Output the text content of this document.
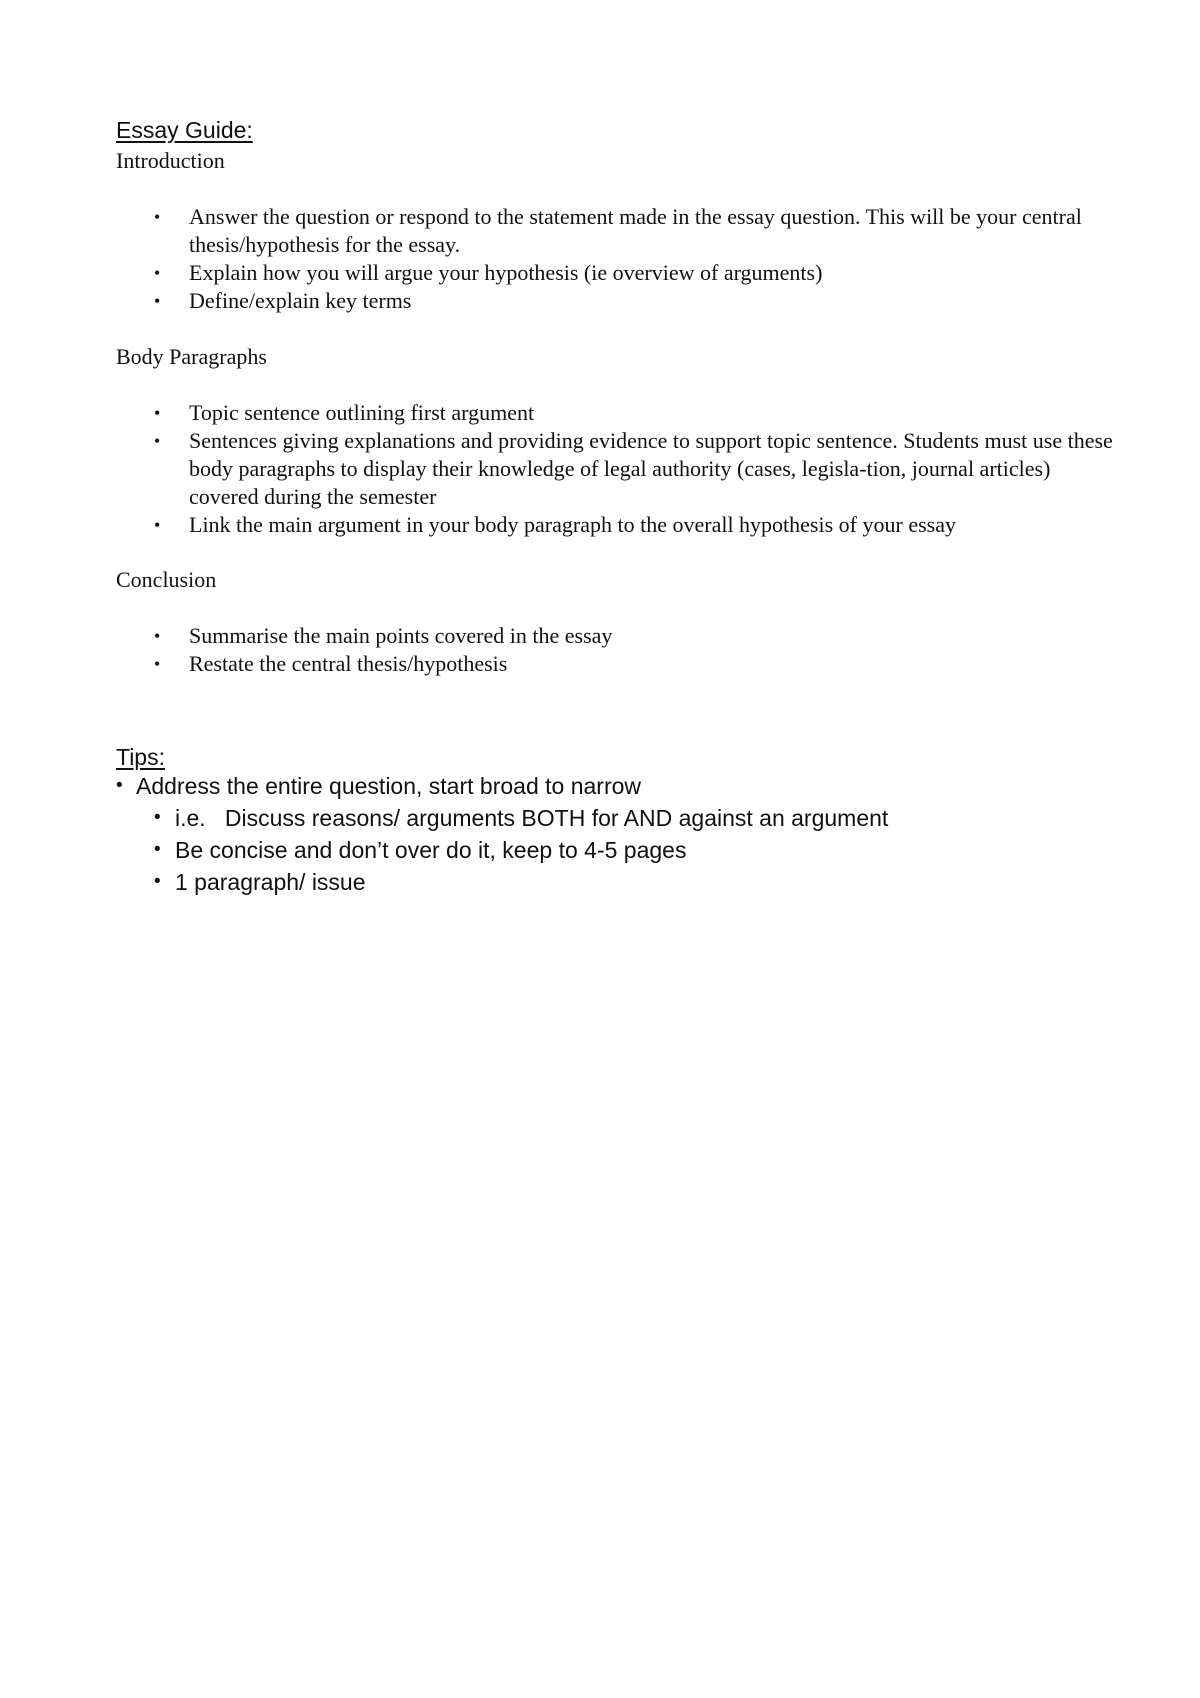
Essay Guide:
Introduction
• Answer the question or respond to the statement made in the essay question. This will be your central thesis/hypothesis for the essay.
• Explain how you will argue your hypothesis (ie overview of arguments)
• Define/explain key terms
Body Paragraphs
• Topic sentence outlining first argument
• Sentences giving explanations and providing evidence to support topic sentence. Students must use these body paragraphs to display their knowledge of legal authority (cases, legisla-tion, journal articles) covered during the semester
• Link the main argument in your body paragraph to the overall hypothesis of your essay
Conclusion
• Summarise the main points covered in the essay
• Restate the central thesis/hypothesis
Tips:
• Address the entire question, start broad to narrow
• i.e.   Discuss reasons/ arguments BOTH for AND against an argument
• Be concise and don’t over do it, keep to 4-5 pages
• 1 paragraph/ issue
